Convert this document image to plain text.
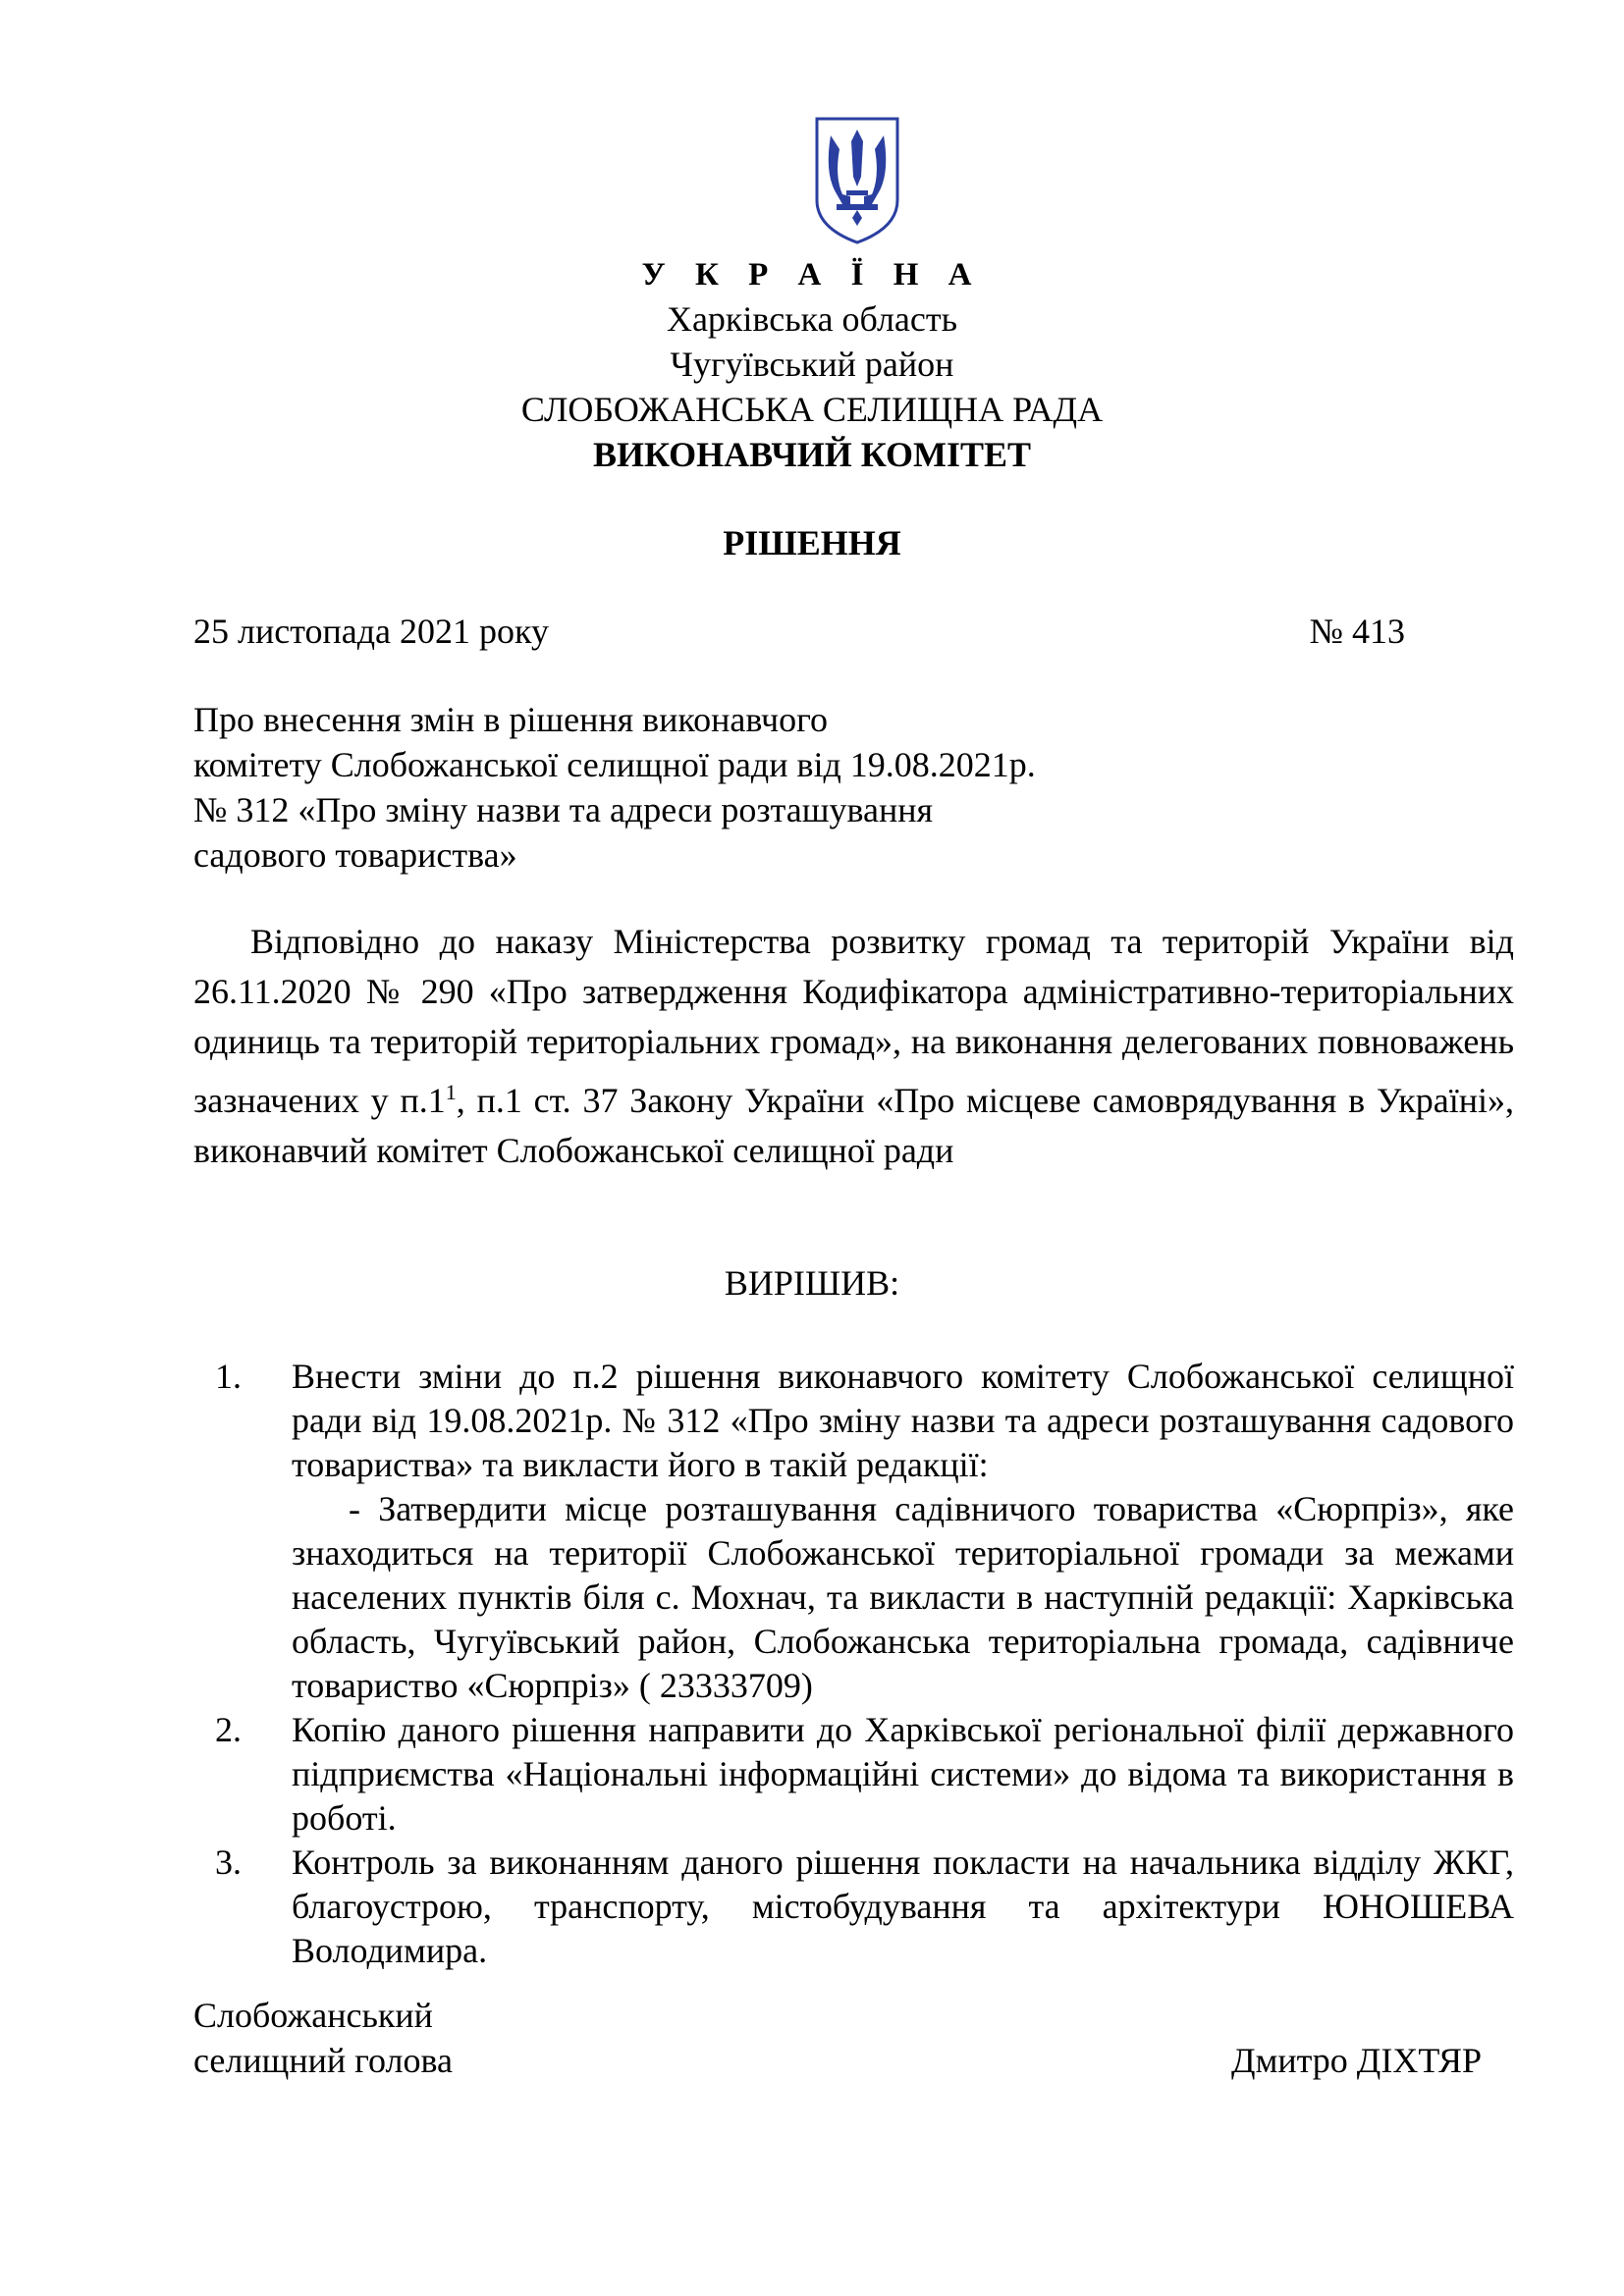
У К Р А Ї Н А
Харківська область
Чугуївський район
СЛОБОЖАНСЬКА СЕЛИЩНА РАДА
ВИКОНАВЧИЙ КОМІТЕТ
РІШЕННЯ
25 листопада 2021 року	№ 413
Про внесення змін в рішення виконавчого
комітету Слобожанської селищної ради від 19.08.2021р.
№ 312 «Про зміну назви та адреси розташування
садового товариства»
Відповідно до наказу Міністерства розвитку громад та територій України від 26.11.2020 № 290 «Про затвердження Кодифікатора адміністративно-територіальних одиниць та територій територіальних громад», на виконання делегованих повноважень зазначених у $п.1^1$, п.1 ст. 37 Закону України «Про місцеве самоврядування в Україні», виконавчий комітет Слобожанської селищної ради
ВИРІШИВ:
1. Внести зміни до п.2 рішення виконавчого комітету Слобожанської селищної ради від 19.08.2021р. № 312 «Про зміну назви та адреси розташування садового товариства» та викласти його в такій редакції:
- Затвердити місце розташування садівничого товариства «Сюрпріз», яке знаходиться на території Слобожанської територіальної громади за межами населених пунктів біля с. Мохнач, та викласти в наступній редакції: Харківська область, Чугуївський район, Слобожанська територіальна громада, садівниче товариство «Сюрпріз» ( 23333709)
2. Копію даного рішення направити до Харківської регіональної філії державного підприємства «Національні інформаційні системи» до відома та використання в роботі.
3. Контроль за виконанням даного рішення покласти на начальника відділу ЖКГ, благоустрою, транспорту, містобудування та архітектури ЮНОШЕВА Володимира.
Слобожанський
селищний голова	Дмитро ДІХТЯР
